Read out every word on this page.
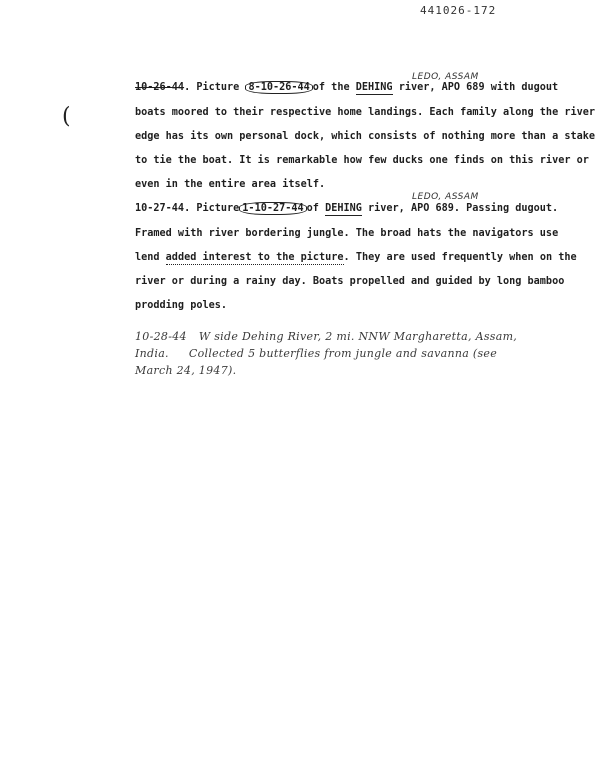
441026-172
(
LEDO, ASSAM
10-26-44. Picture 8-10-26-44 of the DEHING river, APO 689 with dugout
boats moored to their respective home landings. Each family along the river
edge has its own personal dock, which consists of nothing more than a stake
to tie the boat. It is remarkable how few ducks one finds on this river or
even in the entire area itself.
LEDO, ASSAM
10-27-44. Picture 1-10-27-44 of DEHING river, APO 689. Passing dugout.
Framed with river bordering jungle. The broad hats the navigators use
lend added interest to the picture. They are used frequently when on the
river or during a rainy day. Boats propelled and guided by long bamboo
prodding poles.
10-28-44 W side Dehing River, 2 mi. NNW Margharetta, Assam,
India. Collected 5 butterflies from jungle and savanna (see
March 24, 1947).
